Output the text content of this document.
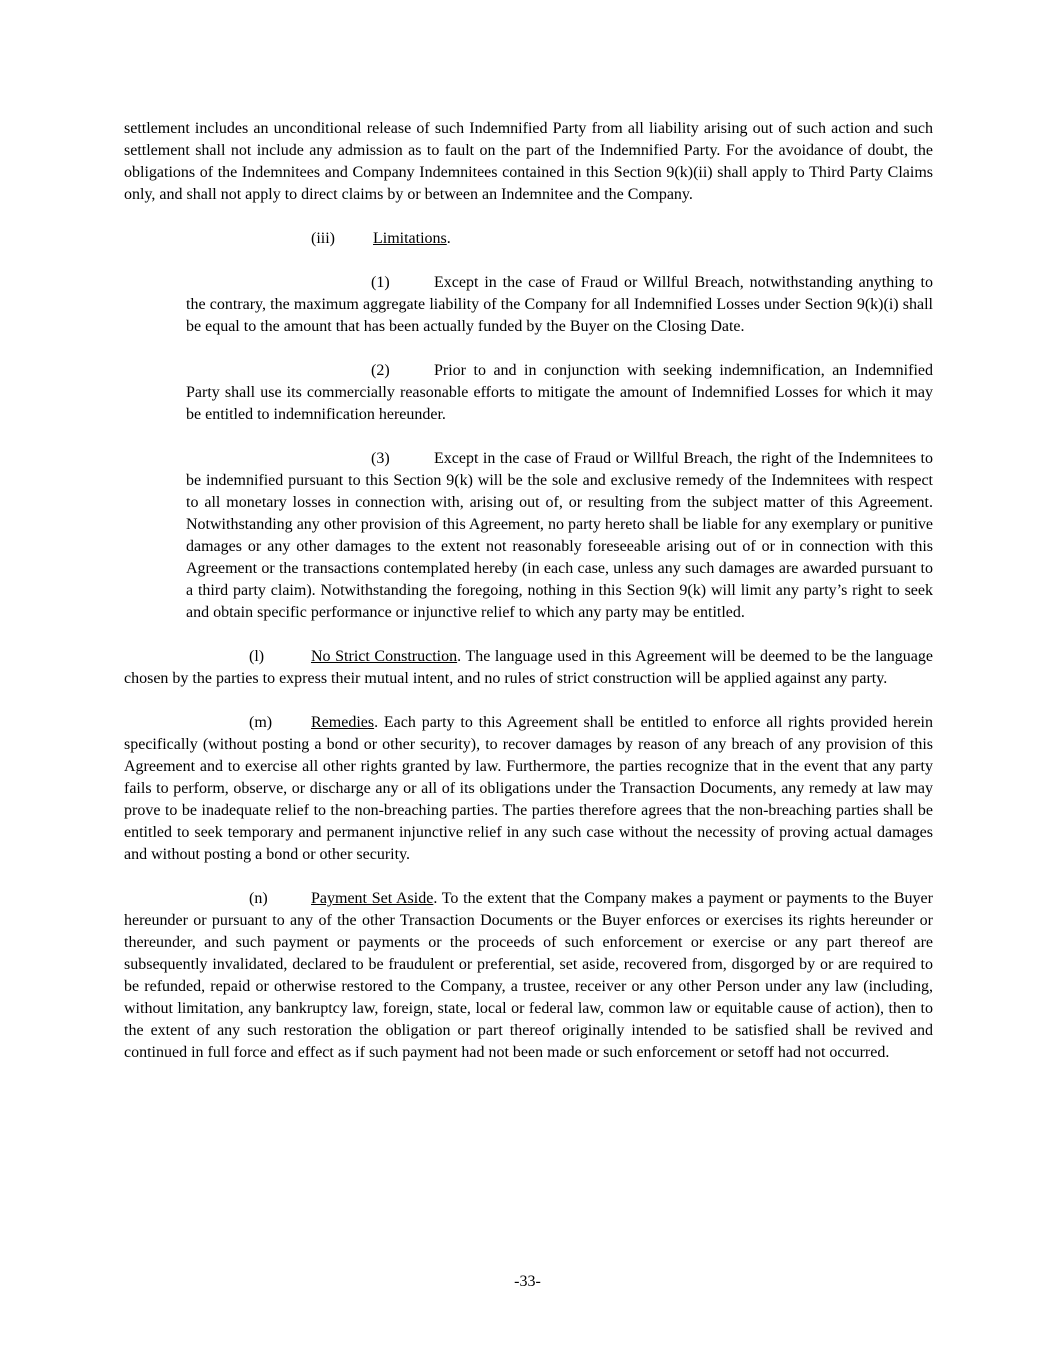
settlement includes an unconditional release of such Indemnified Party from all liability arising out of such action and such settlement shall not include any admission as to fault on the part of the Indemnified Party. For the avoidance of doubt, the obligations of the Indemnitees and Company Indemnitees contained in this Section 9(k)(ii) shall apply to Third Party Claims only, and shall not apply to direct claims by or between an Indemnitee and the Company.

(iii) Limitations.

(1)	Except in the case of Fraud or Willful Breach, notwithstanding anything to the contrary, the maximum aggregate liability of the Company for all Indemnified Losses under Section 9(k)(i) shall be equal to the amount that has been actually funded by the Buyer on the Closing Date.

(2)	Prior to and in conjunction with seeking indemnification, an Indemnified Party shall use its commercially reasonable efforts to mitigate the amount of Indemnified Losses for which it may be entitled to indemnification hereunder.

(3)	Except in the case of Fraud or Willful Breach, the right of the Indemnitees to be indemnified pursuant to this Section 9(k) will be the sole and exclusive remedy of the Indemnitees with respect to all monetary losses in connection with, arising out of, or resulting from the subject matter of this Agreement. Notwithstanding any other provision of this Agreement, no party hereto shall be liable for any exemplary or punitive damages or any other damages to the extent not reasonably foreseeable arising out of or in connection with this Agreement or the transactions contemplated hereby (in each case, unless any such damages are awarded pursuant to a third party claim). Notwithstanding the foregoing, nothing in this Section 9(k) will limit any party’s right to seek and obtain specific performance or injunctive relief to which any party may be entitled.

(l)	No Strict Construction. The language used in this Agreement will be deemed to be the language chosen by the parties to express their mutual intent, and no rules of strict construction will be applied against any party.

(m) Remedies. Each party to this Agreement shall be entitled to enforce all rights provided herein specifically (without posting a bond or other security), to recover damages by reason of any breach of any provision of this Agreement and to exercise all other rights granted by law. Furthermore, the parties recognize that in the event that any party fails to perform, observe, or discharge any or all of its obligations under the Transaction Documents, any remedy at law may prove to be inadequate relief to the non-breaching parties. The parties therefore agrees that the non-breaching parties shall be entitled to seek temporary and permanent injunctive relief in any such case without the necessity of proving actual damages and without posting a bond or other security.

(n)	Payment Set Aside. To the extent that the Company makes a payment or payments to the Buyer hereunder or pursuant to any of the other Transaction Documents or the Buyer enforces or exercises its rights hereunder or thereunder, and such payment or payments or the proceeds of such enforcement or exercise or any part thereof are subsequently invalidated, declared to be fraudulent or preferential, set aside, recovered from, disgorged by or are required to be refunded, repaid or otherwise restored to the Company, a trustee, receiver or any other Person under any law (including, without limitation, any bankruptcy law, foreign, state, local or federal law, common law or equitable cause of action), then to the extent of any such restoration the obligation or part thereof originally intended to be satisfied shall be revived and continued in full force and effect as if such payment had not been made or such enforcement or setoff had not occurred.

-33-
